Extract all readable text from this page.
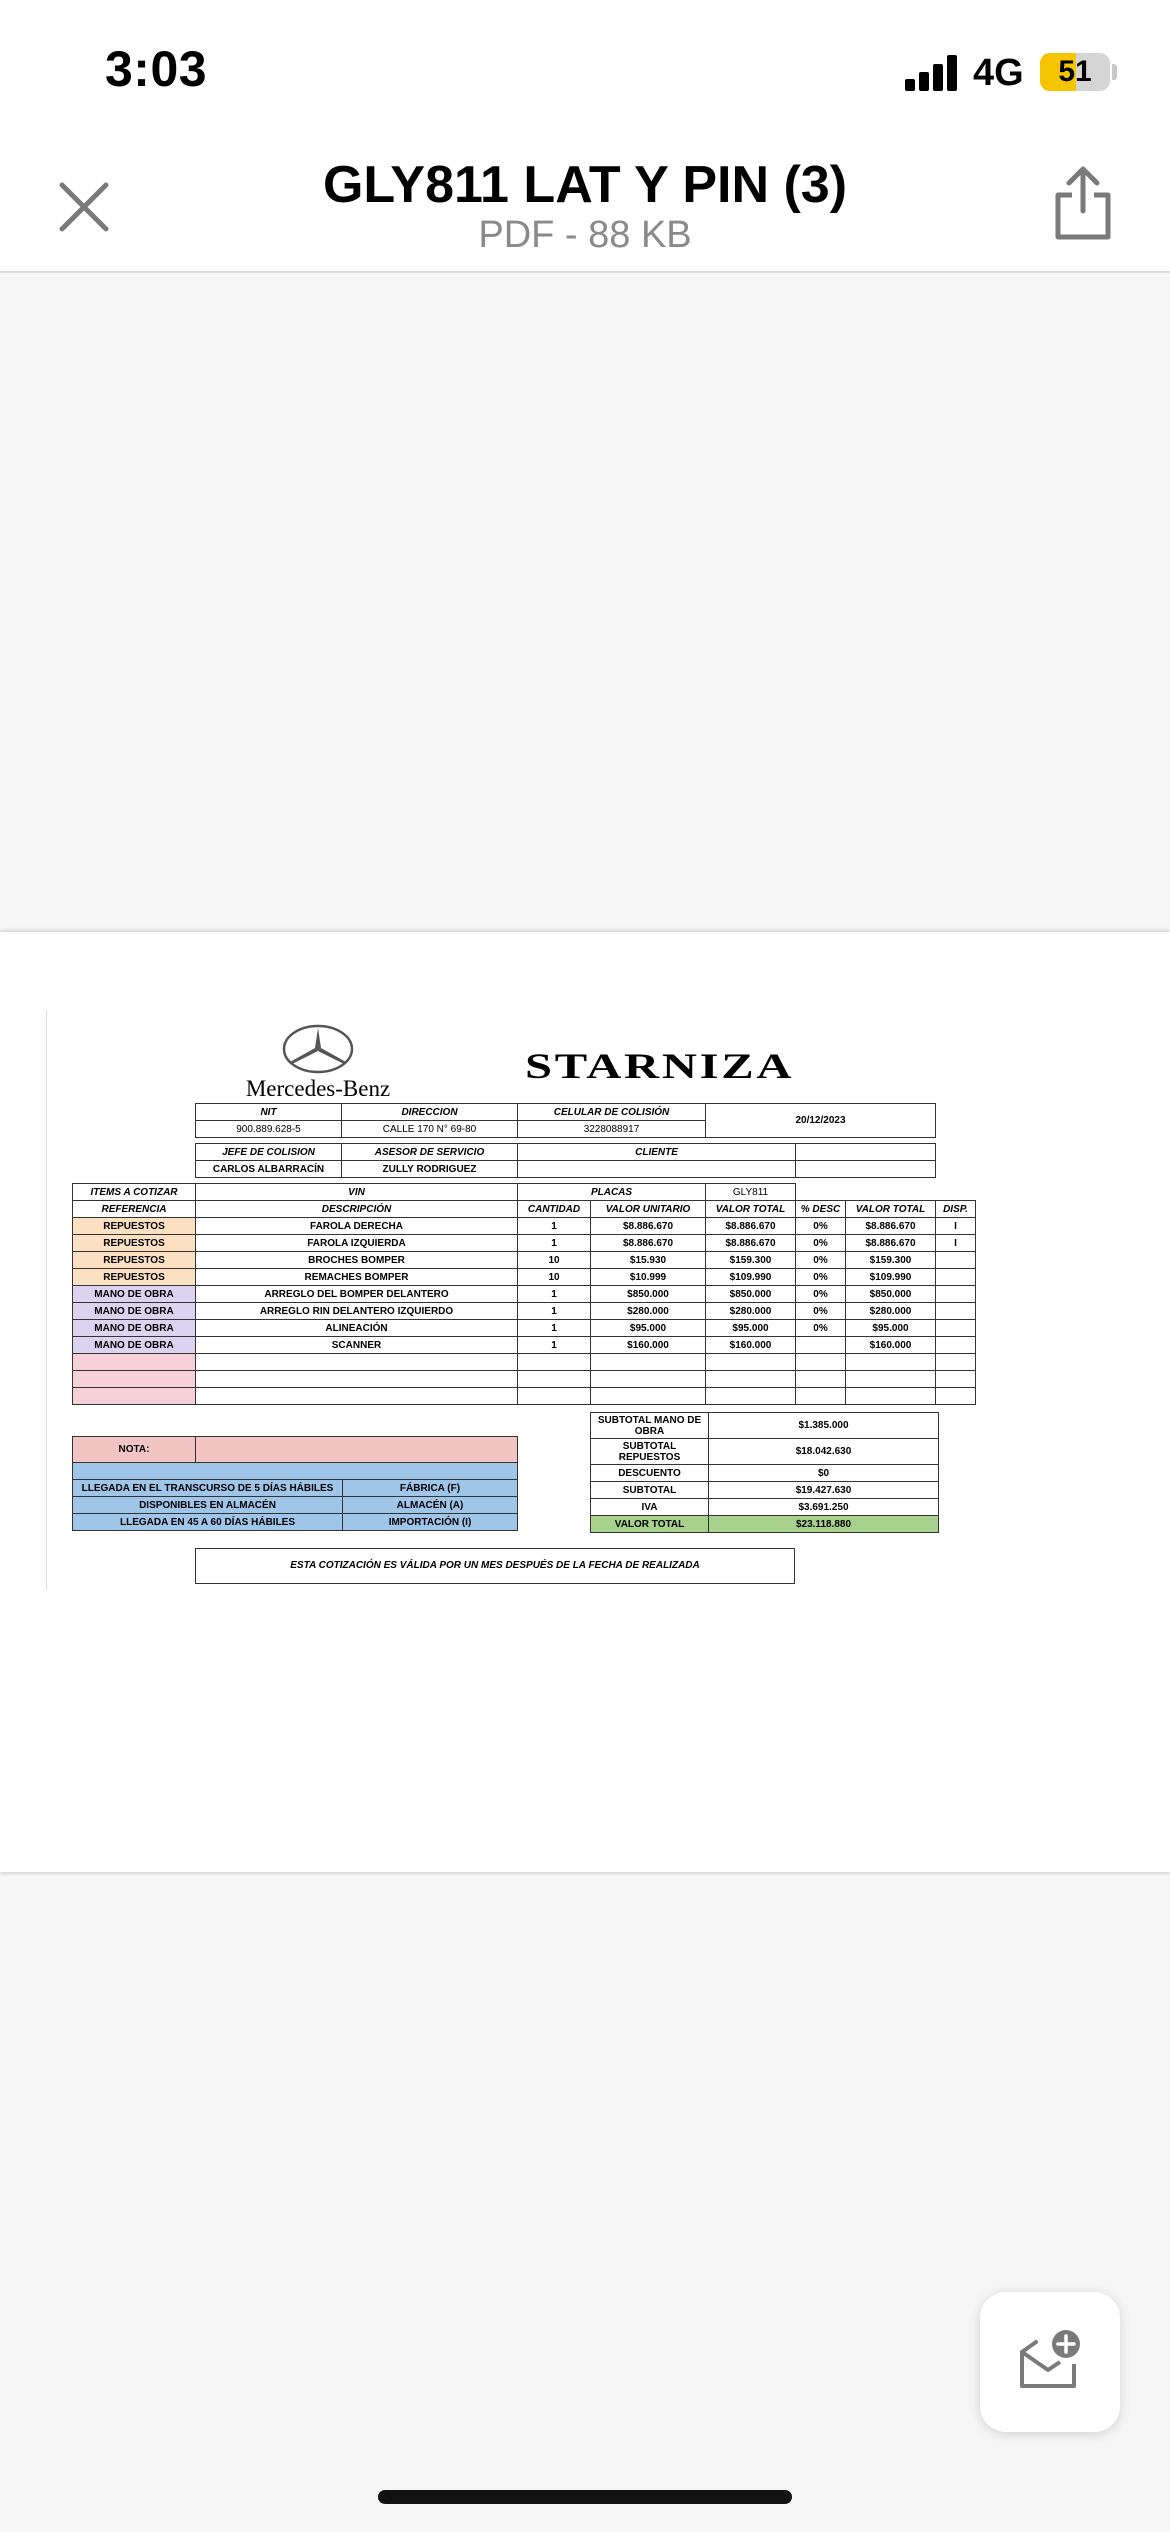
3:03	4G	51
GLY811 LAT Y PIN (3)
PDF - 88 KB
Mercedes-Benz
STARNIZA
NIT	DIRECCION	CELULAR DE COLISIÓN	20/12/2023	
900.889.628-5	CALLE 170 N° 69-80	3228088917		

JEFE DE COLISION	ASESOR DE SERVICIO	CLIENTE		
CARLOS ALBARRACÍN	ZULLY RODRIGUEZ			
ITEMS A COTIZAR	VIN	PLACAS		GLY811			
REFERENCIA	DESCRIPCIÓN	CANTIDAD	VALOR UNITARIO	VALOR TOTAL	% DESC	VALOR TOTAL	DISP.
REPUESTOS	FAROLA DERECHA	1	$8.886.670	$8.886.670	0%	$8.886.670	I
REPUESTOS	FAROLA IZQUIERDA	1	$8.886.670	$8.886.670	0%	$8.886.670	I
REPUESTOS	BROCHES BOMPER	10	$15.930	$159.300	0%	$159.300	
REPUESTOS	REMACHES BOMPER	10	$10.999	$109.990	0%	$109.990	
MANO DE OBRA	ARREGLO DEL BOMPER DELANTERO	1	$850.000	$850.000	0%	$850.000	
MANO DE OBRA	ARREGLO RIN DELANTERO IZQUIERDO	1	$280.000	$280.000	0%	$280.000	
MANO DE OBRA	ALINEACIÓN	1	$95.000	$95.000	0%	$95.000	
MANO DE OBRA	SCANNER	1	$160.000	$160.000		$160.000	

SUBTOTAL MANO DE OBRA	$1.385.000
SUBTOTAL REPUESTOS	$18.042.630
DESCUENTO	$0
SUBTOTAL	$19.427.630
IVA	$3.691.250
VALOR TOTAL	$23.118.880
NOTA:		

LLEGADA EN EL TRANSCURSO DE 5 DÍAS HÁBILES		FÁBRICA (F)
DISPONIBLES EN ALMACÉN		ALMACÉN (A)
LLEGADA EN 45 A 60 DÍAS HÁBILES		IMPORTACIÓN (I)
ESTA COTIZACIÓN ES VÁLIDA POR UN MES DESPUÉS DE LA FECHA DE REALIZADA
